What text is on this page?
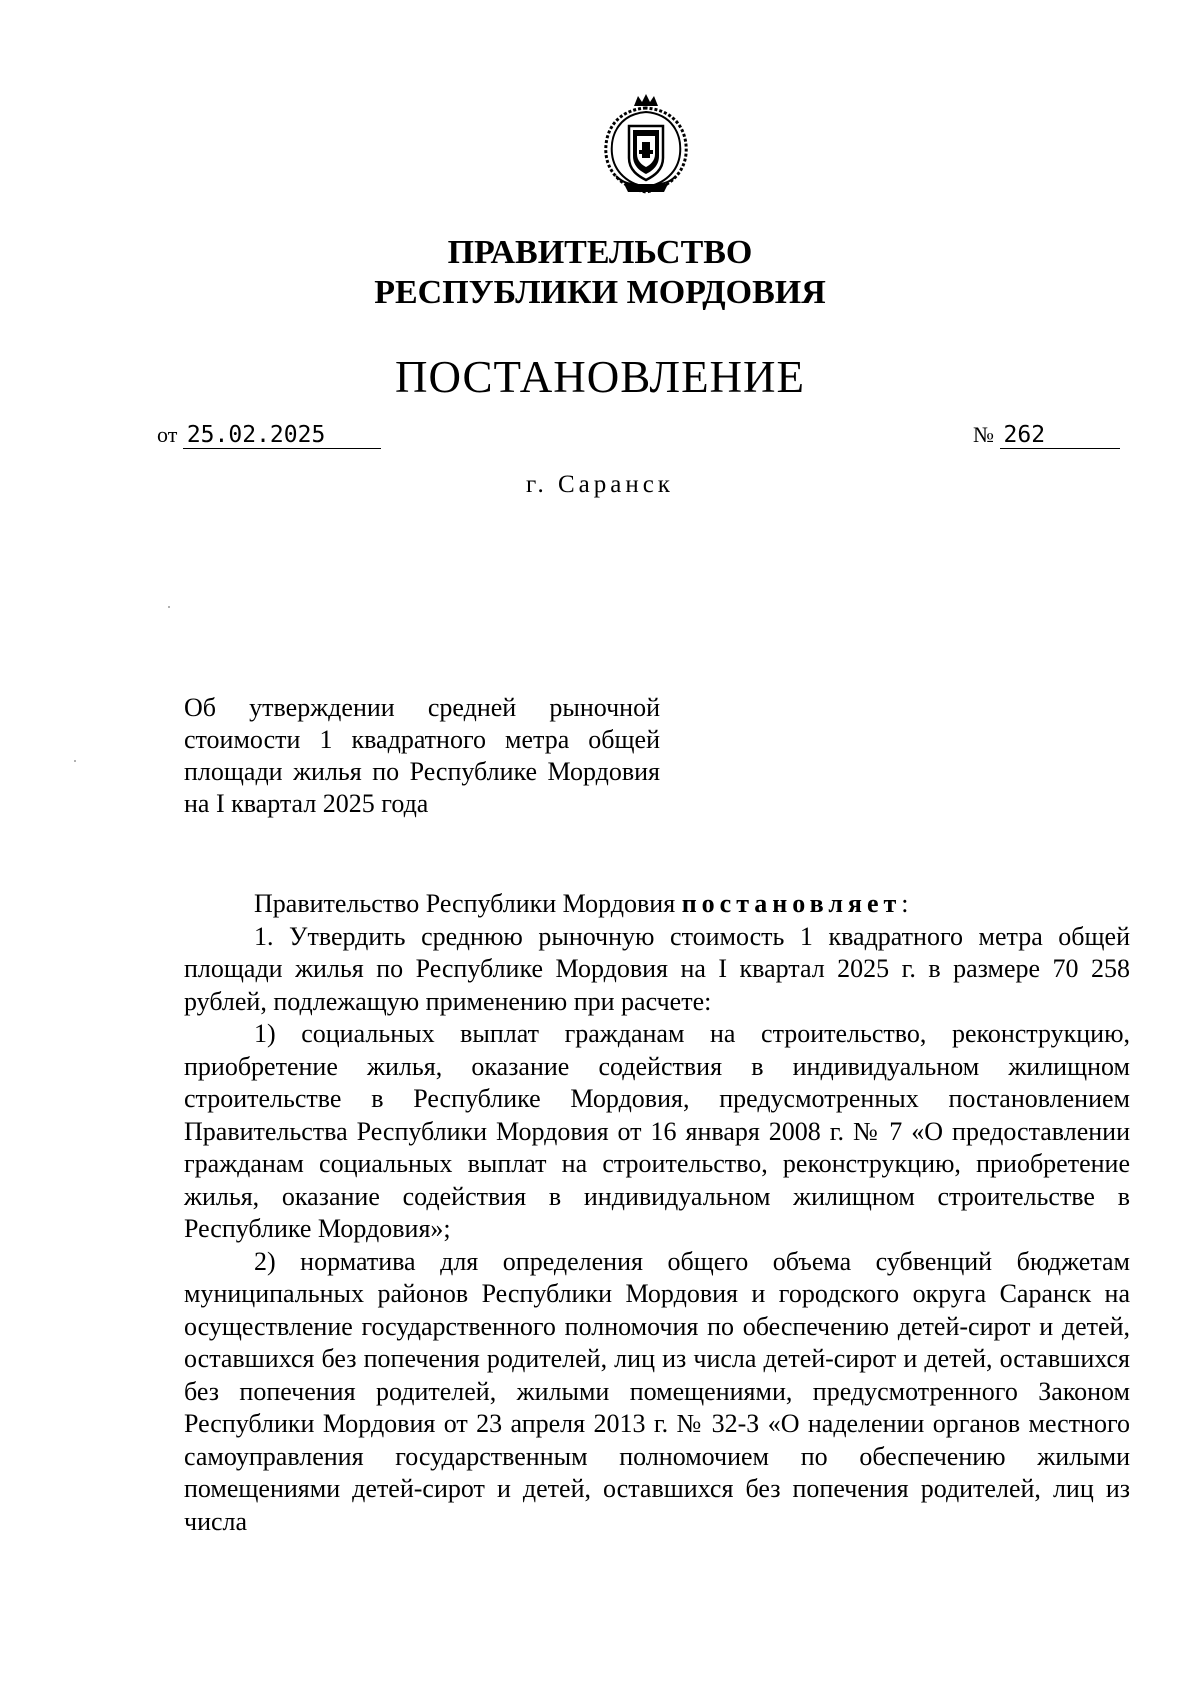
ПРАВИТЕЛЬСТВО
РЕСПУБЛИКИ МОРДОВИЯ
ПОСТАНОВЛЕНИЕ
от 25.02.2025	№ 262
г. Саранск
Об утверждении средней рыночной стоимости 1 квадратного метра общей площади жилья по Республике Мордовия на I квартал 2025 года

Правительство Республики Мордовия постановляет:

1. Утвердить среднюю рыночную стоимость 1 квадратного метра общей площади жилья по Республике Мордовия на I квартал 2025 г. в размере 70 258 рублей, подлежащую применению при расчете:

1) социальных выплат гражданам на строительство, реконструкцию, приобретение жилья, оказание содействия в индивидуальном жилищном строительстве в Республике Мордовия, предусмотренных постановлением Правительства Республики Мордовия от 16 января 2008 г. № 7 «О предоставлении гражданам социальных выплат на строительство, реконструкцию, приобретение жилья, оказание содействия в индивидуальном жилищном строительстве в Республике Мордовия»;

2) норматива для определения общего объема субвенций бюджетам муниципальных районов Республики Мордовия и городского округа Саранск на осуществление государственного полномочия по обеспечению детей-сирот и детей, оставшихся без попечения родителей, лиц из числа детей-сирот и детей, оставшихся без попечения родителей, жилыми помещениями, предусмотренного Законом Республики Мордовия от 23 апреля 2013 г. № 32-З «О наделении органов местного самоуправления государственным полномочием по обеспечению жилыми помещениями детей-сирот и детей, оставшихся без попечения родителей, лиц из числа
